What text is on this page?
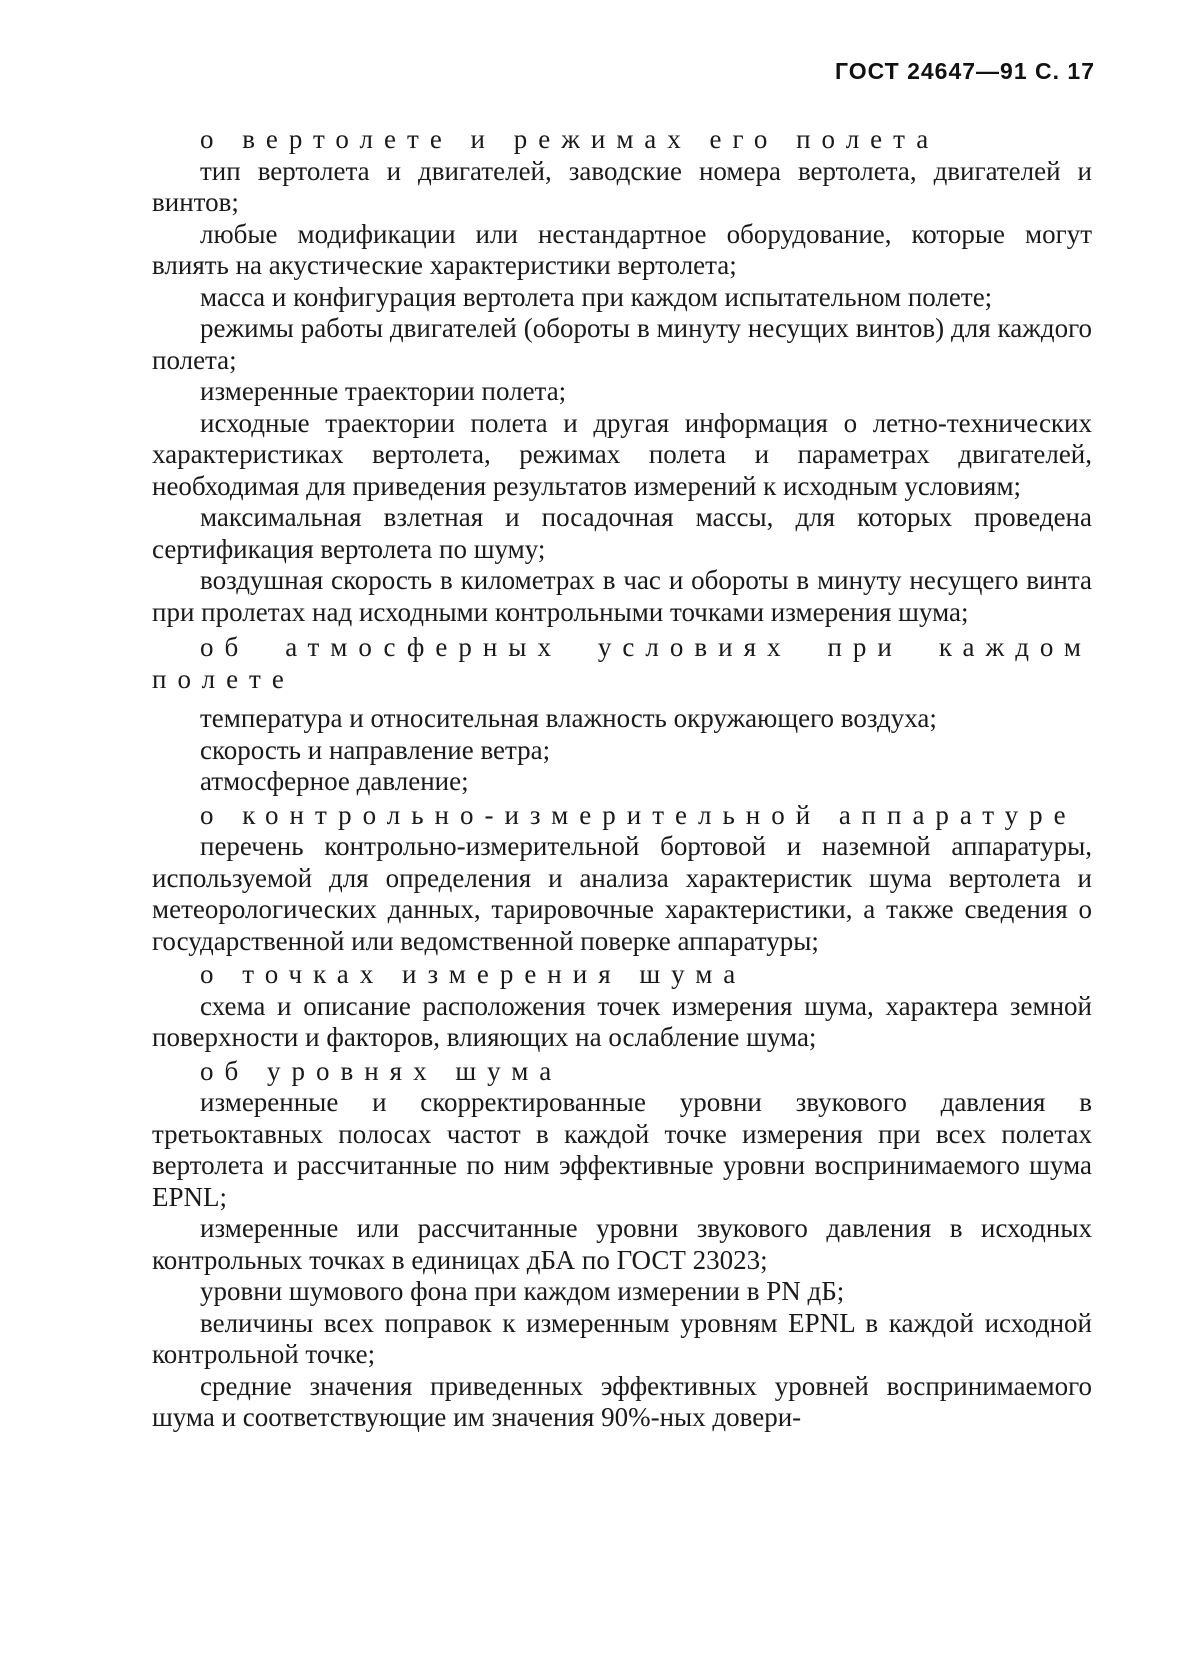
ГОСТ 24647—91 С. 17

о вертолете и режимах его полета

тип вертолета и двигателей, заводские номера вертолета, двигателей и винтов;

любые модификации или нестандартное оборудование, которые могут влиять на акустические характеристики вертолета;

масса и конфигурация вертолета при каждом испытательном полете;

режимы работы двигателей (обороты в минуту несущих винтов) для каждого полета;

измеренные траектории полета;

исходные траектории полета и другая информация о летно-технических характеристиках вертолета, режимах полета и параметрах двигателей, необходимая для приведения результатов измерений к исходным условиям;

максимальная взлетная и посадочная массы, для которых проведена сертификация вертолета по шуму;

воздушная скорость в километрах в час и обороты в минуту несущего винта при пролетах над исходными контрольными точками измерения шума;

об атмосферных условиях при каждом полете

температура и относительная влажность окружающего воздуха;

скорость и направление ветра;

атмосферное давление;

о контрольно-измерительной аппаратуре

перечень контрольно-измерительной бортовой и наземной аппаратуры, используемой для определения и анализа характеристик шума вертолета и метеорологических данных, тарировочные характеристики, а также сведения о государственной или ведомственной поверке аппаратуры;

о точках измерения шума

схема и описание расположения точек измерения шума, характера земной поверхности и факторов, влияющих на ослабление шума;

об уровнях шума

измеренные и скорректированные уровни звукового давления в третьоктавных полосах частот в каждой точке измерения при всех полетах вертолета и рассчитанные по ним эффективные уровни воспринимаемого шума EPNL;

измеренные или рассчитанные уровни звукового давления в исходных контрольных точках в единицах дБА по ГОСТ 23023;

уровни шумового фона при каждом измерении в PN дБ;

величины всех поправок к измеренным уровням EPNL в каждой исходной контрольной точке;

средние значения приведенных эффективных уровней воспринимаемого шума и соответствующие им значения 90%-ных довери-
